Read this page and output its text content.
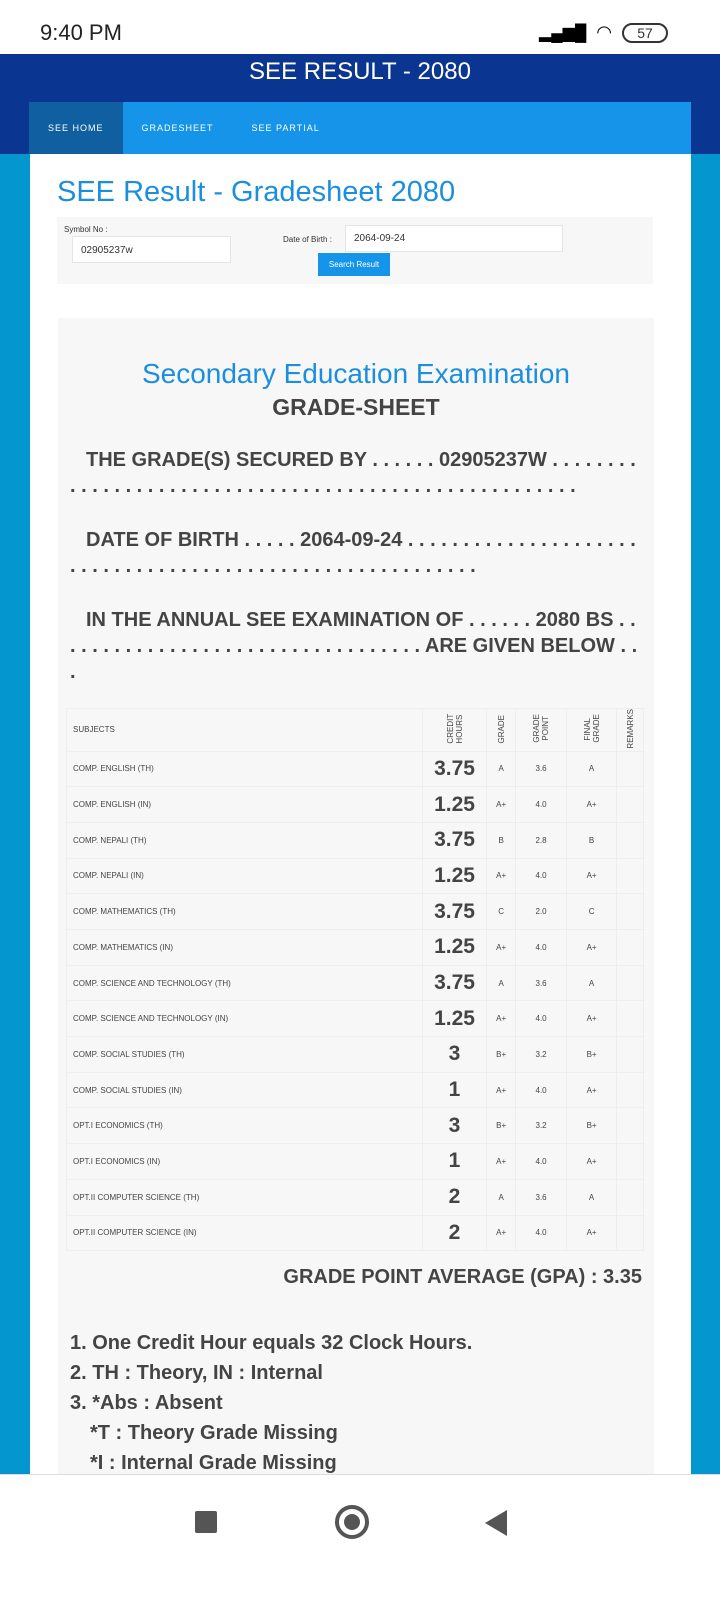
9:40 PM	▂▄▆█ ◠	57
SEE RESULT - 2080
SEE HOME	GRADESHEET	SEE PARTIAL
SEE Result - Gradesheet 2080
Symbol No :
02905237w
Date of Birth :	2064-09-24
Search Result
Secondary Education Examination
GRADE-SHEET
THE GRADE(S) SECURED BY . . . . . . 02905237W . . . . . . . . . . . . . . . . . . . . . . . . . . . . . . . . . . . . . . . . . . . . . . . . . . . . . .
DATE OF BIRTH . . . . . 2064-09-24 . . . . . . . . . . . . . . . . . . . . . . . . . . . . . . . . . . . . . . . . . . . . . . . . . . . . . . . . . .
IN THE ANNUAL SEE EXAMINATION OF . . . . . . 2080 BS . . . . . . . . . . . . . . . . . . . . . . . . . . . . . . . . . . ARE GIVEN BELOW . . .
SUBJECTS	CREDIT HOURS	GRADE	GRADE POINT	FINAL GRADE	REMARKS
COMP. ENGLISH (TH)	3.75	A	3.6	A	
COMP. ENGLISH (IN)	1.25	A+	4.0	A+	
COMP. NEPALI (TH)	3.75	B	2.8	B	
COMP. NEPALI (IN)	1.25	A+	4.0	A+	
COMP. MATHEMATICS (TH)	3.75	C	2.0	C	
COMP. MATHEMATICS (IN)	1.25	A+	4.0	A+	
COMP. SCIENCE AND TECHNOLOGY (TH)	3.75	A	3.6	A	
COMP. SCIENCE AND TECHNOLOGY (IN)	1.25	A+	4.0	A+	
COMP. SOCIAL STUDIES (TH)	3	B+	3.2	B+	
COMP. SOCIAL STUDIES (IN)	1	A+	4.0	A+	
OPT.I ECONOMICS (TH)	3	B+	3.2	B+	
OPT.I ECONOMICS (IN)	1	A+	4.0	A+	
OPT.II COMPUTER SCIENCE (TH)	2	A	3.6	A	
OPT.II COMPUTER SCIENCE (IN)	2	A+	4.0	A+	
GRADE POINT AVERAGE (GPA) : 3.35
1. One Credit Hour equals 32 Clock Hours.
2. TH : Theory, IN : Internal
3. *Abs : Absent
*T : Theory Grade Missing
*I : Internal Grade Missing
